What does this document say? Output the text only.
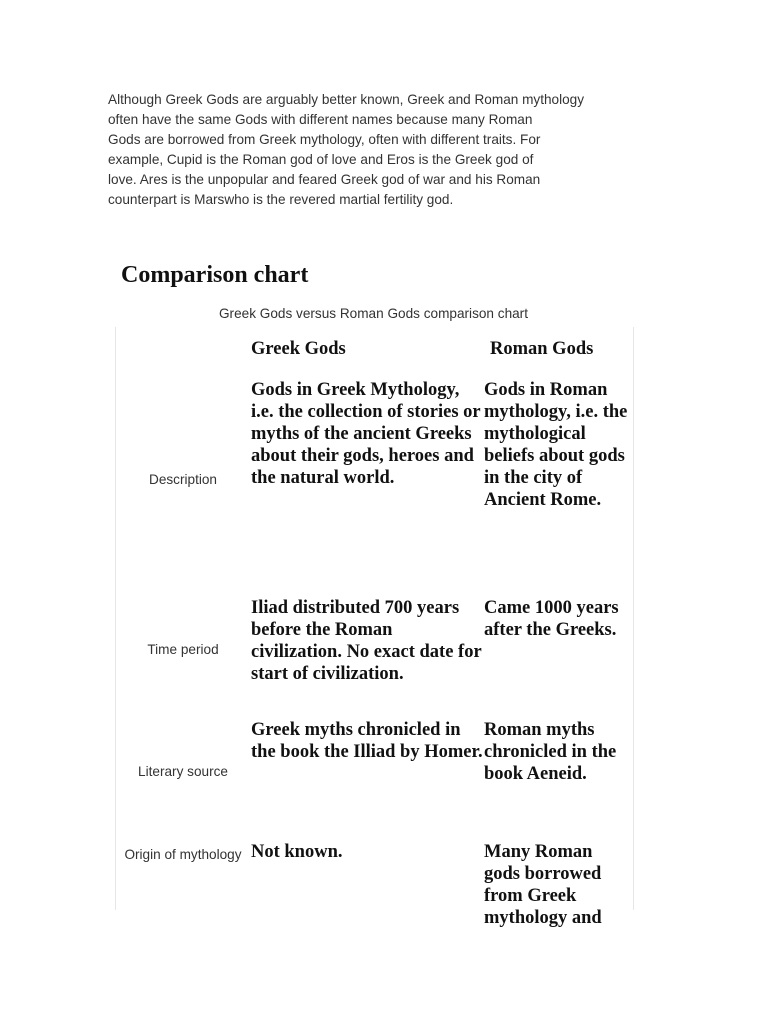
Although Greek Gods are arguably better known, Greek and Roman mythology
often have the same Gods with different names because many Roman
Gods are borrowed from Greek mythology, often with different traits. For
example, Cupid is the Roman god of love and Eros is the Greek god of
love. Ares is the unpopular and feared Greek god of war and his Roman
counterpart is Marswho is the revered martial fertility god.
Comparison chart
Greek Gods versus Roman Gods comparison chart
	Greek Gods	Roman Gods
Description	Gods in Greek Mythology, i.e. the collection of stories or myths of the ancient Greeks about their gods, heroes and the natural world.	Gods in Roman mythology, i.e. the mythological beliefs about gods in the city of Ancient Rome.
Time period	Iliad distributed 700 years before the Roman civilization. No exact date for start of civilization.	Came 1000 years after the Greeks.
Literary source	Greek myths chronicled in the book the Illiad by Homer.	Roman myths chronicled in the book Aeneid.
Origin of mythology	Not known.	Many Roman gods borrowed from Greek mythology and
